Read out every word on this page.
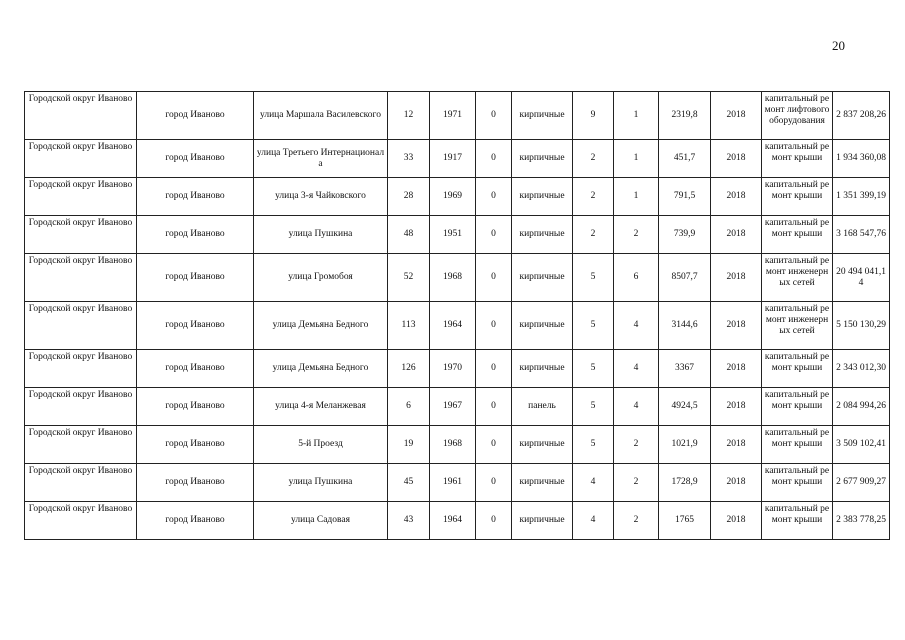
20
Городской округ Иваново	город Иваново	улица Маршала Василевского	12	1971	0	кирпичные	9	1	2319,8	2018	капитальный ремонт лифтового оборудования	2 837 208,26
Городской округ Иваново	город Иваново	улица Третьего Интернационала	33	1917	0	кирпичные	2	1	451,7	2018	капитальный ремонт крыши	1 934 360,08
Городской округ Иваново	город Иваново	улица 3-я Чайковского	28	1969	0	кирпичные	2	1	791,5	2018	капитальный ремонт крыши	1 351 399,19
Городской округ Иваново	город Иваново	улица Пушкина	48	1951	0	кирпичные	2	2	739,9	2018	капитальный ремонт крыши	3 168 547,76
Городской округ Иваново	город Иваново	улица Громобоя	52	1968	0	кирпичные	5	6	8507,7	2018	капитальный ремонт инженерных сетей	20 494 041,14
Городской округ Иваново	город Иваново	улица Демьяна Бедного	113	1964	0	кирпичные	5	4	3144,6	2018	капитальный ремонт инженерных сетей	5 150 130,29
Городской округ Иваново	город Иваново	улица Демьяна Бедного	126	1970	0	кирпичные	5	4	3367	2018	капитальный ремонт крыши	2 343 012,30
Городской округ Иваново	город Иваново	улица 4-я Меланжевая	6	1967	0	панель	5	4	4924,5	2018	капитальный ремонт крыши	2 084 994,26
Городской округ Иваново	город Иваново	5-й Проезд	19	1968	0	кирпичные	5	2	1021,9	2018	капитальный ремонт крыши	3 509 102,41
Городской округ Иваново	город Иваново	улица Пушкина	45	1961	0	кирпичные	4	2	1728,9	2018	капитальный ремонт крыши	2 677 909,27
Городской округ Иваново	город Иваново	улица Садовая	43	1964	0	кирпичные	4	2	1765	2018	капитальный ремонт крыши	2 383 778,25
